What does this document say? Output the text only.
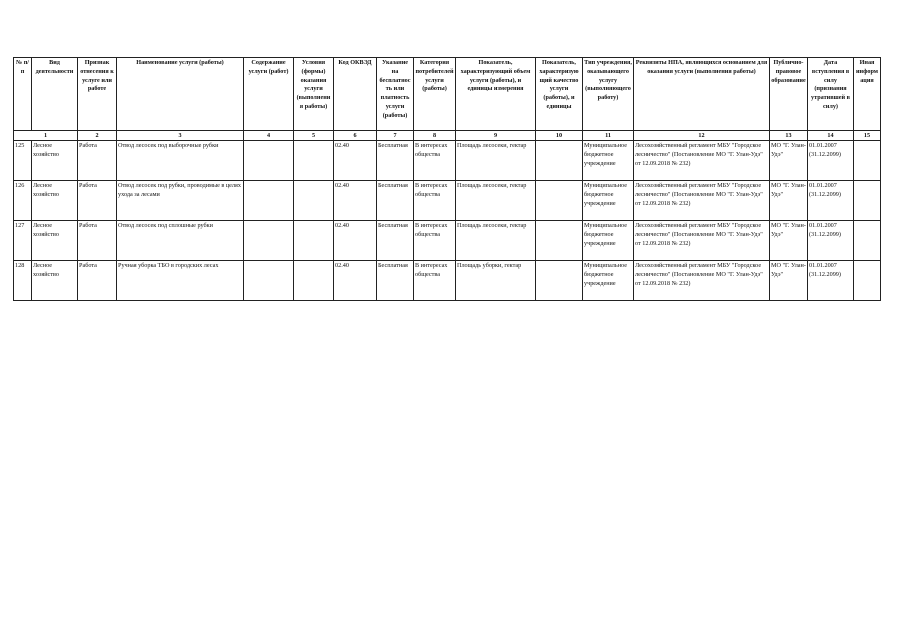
№ п/п	Вид деятельности	Признак отнесения к услуге или работе	Наименование услуги (работы)	Содержание услуги (работ)	Условия (формы) оказания услуги (выполнения работы)	Код ОКВЭД	Указание на бесплатность или платность услуги (работы)	Категория потребителей услуги (работы)	Показатель, характеризующий объем услуги (работы), и единицы измерения	Показатель, характеризующий качество услуги (работы), и единицы	Тип учреждения, оказывающего услугу (выполняющего работу)	Реквизиты НПА, являющихся основанием для оказания услуги (выполнения работы)	Публично-правовое образование	Дата вступления в силу (признания утратившей в силу)	Иная информация
1		2	3	4	5	6	7	8	9	10	11	12	13	14	15
125	Лесное хозяйство	Работа	Отвод лесосек под выборочные рубки			02.40	Бесплатная	В интересах общества	Площадь лесосеки, гектар		Муниципальное бюджетное учреждение	Лесохозяйственный регламент МБУ "Городское лесничество" (Постановление МО "Г. Улан-Удэ" от 12.09.2018 № 232)	МО "Г. Улан-Удэ"	01.01.2007 (31.12.2099)	
126	Лесное хозяйство	Работа	Отвод лесосек под рубки, проводимые в целях ухода за лесами			02.40	Бесплатная	В интересах общества	Площадь лесосеки, гектар		Муниципальное бюджетное учреждение	Лесохозяйственный регламент МБУ "Городское лесничество" (Постановление МО "Г. Улан-Удэ" от 12.09.2018 № 232)	МО "Г. Улан-Удэ"	01.01.2007 (31.12.2099)	
127	Лесное хозяйство	Работа	Отвод лесосек под сплошные рубки			02.40	Бесплатная	В интересах общества	Площадь лесосеки, гектар		Муниципальное бюджетное учреждение	Лесохозяйственный регламент МБУ "Городское лесничество" (Постановление МО "Г. Улан-Удэ" от 12.09.2018 № 232)	МО "Г. Улан-Удэ"	01.01.2007 (31.12.2099)	
128	Лесное хозяйство	Работа	Ручная уборка ТБО в городских лесах			02.40	Бесплатная	В интересах общества	Площадь уборки, гектар		Муниципальное бюджетное учреждение	Лесохозяйственный регламент МБУ "Городское лесничество" (Постановление МО "Г. Улан-Удэ" от 12.09.2018 № 232)	МО "Г. Улан-Удэ"	01.01.2007 (31.12.2099)	
